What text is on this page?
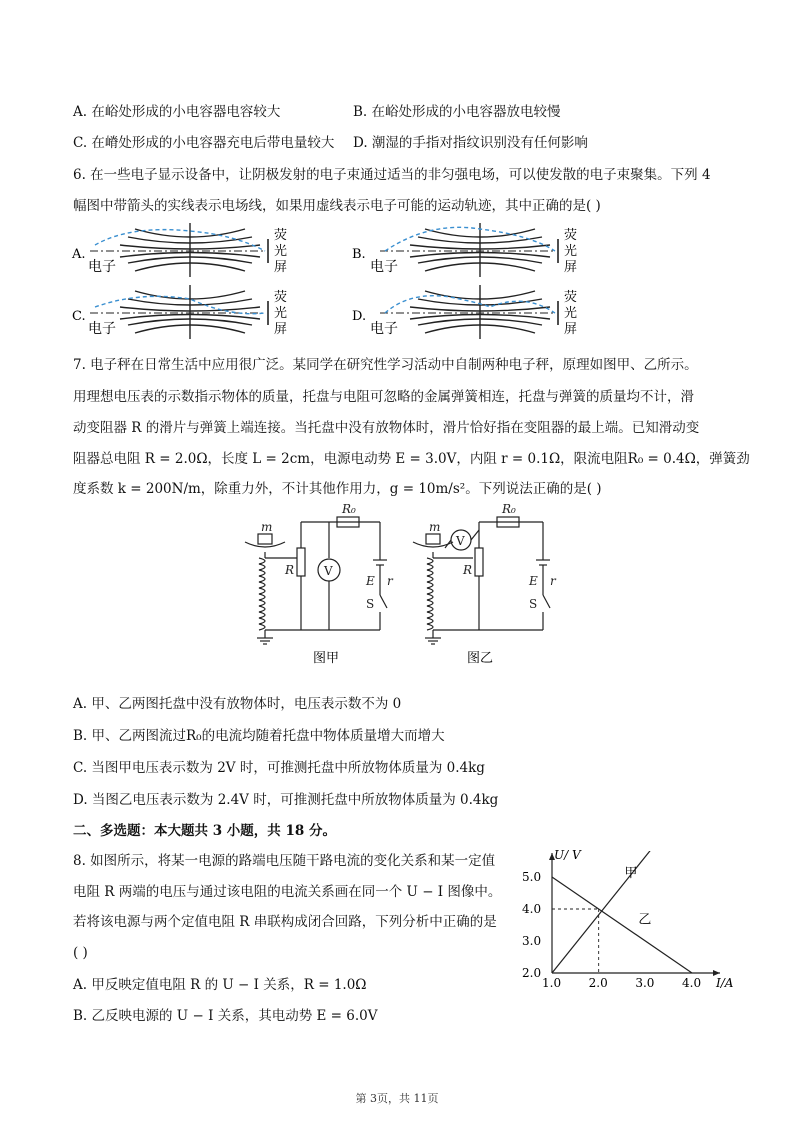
A. 在峪处形成的小电容器电容较大	B. 在峪处形成的小电容器放电较慢
C. 在嵴处形成的小电容器充电后带电量较大 D. 潮湿的手指对指纹识别没有任何影响
6. 在一些电子显示设备中，让阴极发射的电子束通过适当的非匀强电场，可以使发散的电子束聚集。下列 4
幅图中带箭头的实线表示电场线，如果用虚线表示电子可能的运动轨迹，其中正确的是( )
A.
电子
荧
光
屏
B.
电子
荧
光
屏
C.
电子
荧
光
屏
D.
电子
荧
光
屏
7. 电子秤在日常生活中应用很广泛。某同学在研究性学习活动中自制两种电子秤，原理如图甲、乙所示。
用理想电压表的示数指示物体的质量，托盘与电阻可忽略的金属弹簧相连，托盘与弹簧的质量均不计，滑
动变阻器 R 的滑片与弹簧上端连接。当托盘中没有放物体时，滑片恰好指在变阻器的最上端。已知滑动变
阻器总电阻 R = 2.0Ω，长度 L = 2cm，电源电动势 E = 3.0V，内阻 r = 0.1Ω，限流电阻R₀ = 0.4Ω，弹簧劲
度系数 k = 200N/m，除重力外，不计其他作用力，g = 10m/s²。下列说法正确的是( )
m
R V
R₀
E r
S
m
R
V
R₀
E r
S
图甲	图乙
A. 甲、乙两图托盘中没有放物体时，电压表示数不为 0
B. 甲、乙两图流过R₀的电流均随着托盘中物体质量增大而增大
C. 当图甲电压表示数为 2V 时，可推测托盘中所放物体质量为 0.4kg
D. 当图乙电压表示数为 2.4V 时，可推测托盘中所放物体质量为 0.4kg
二、多选题：本大题共 3 小题，共 18 分。
8. 如图所示，将某一电源的路端电压随干路电流的变化关系和某一定值
电阻 R 两端的电压与通过该电阻的电流关系画在同一个 U − I 图像中。
若将该电源与两个定值电阻 R 串联构成闭合回路，下列分析中正确的是
( )
A. 甲反映定值电阻 R 的 U − I 关系，R = 1.0Ω
B. 乙反映电源的 U − I 关系，其电动势 E = 6.0V
I/A
U/ V
1.0 2.0 3.0 4.0
2.0
3.0
4.0
5.0	甲
乙
第 3页，共 11页
